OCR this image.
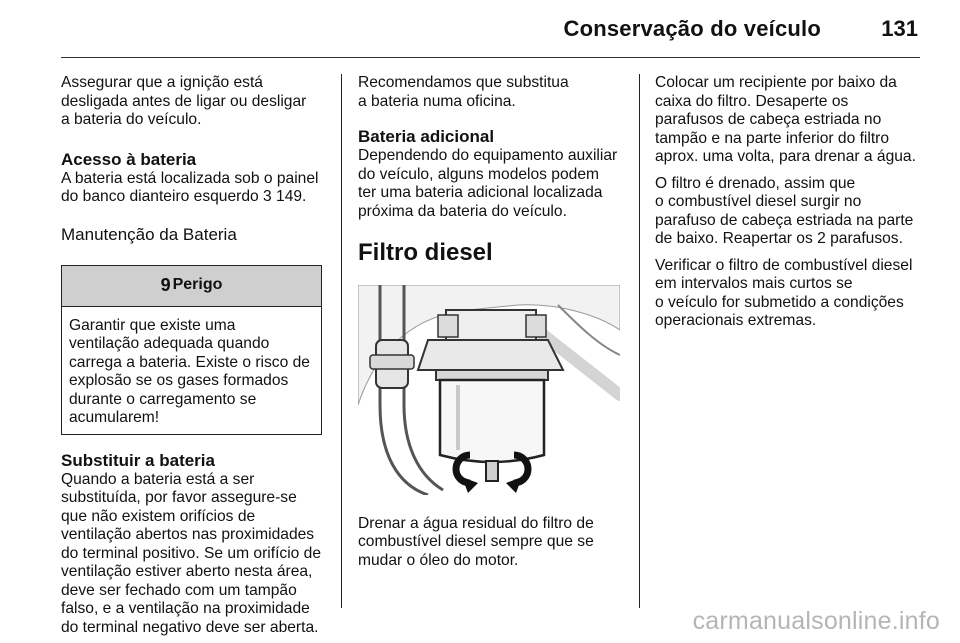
Conservação do veículo	131

Assegurar que a ignição está
desligada antes de ligar ou desligar
a bateria do veículo.

Acesso à bateria

A bateria está localizada sob o painel
do banco dianteiro esquerdo 3 149.

Manutenção da Bateria
9 Perigo

Garantir que existe uma
ventilação adequada quando
carrega a bateria. Existe o risco de
explosão se os gases formados
durante o carregamento se
acumularem!

Substituir a bateria

Quando a bateria está a ser
substituída, por favor assegure-se
que não existem orifícios de
ventilação abertos nas proximidades
do terminal positivo. Se um orifício de
ventilação estiver aberto nesta área,
deve ser fechado com um tampão
falso, e a ventilação na proximidade
do terminal negativo deve ser aberta.

Recomendamos que substitua
a bateria numa oficina.

Bateria adicional

Dependendo do equipamento auxiliar
do veículo, alguns modelos podem
ter uma bateria adicional localizada
próxima da bateria do veículo.

Filtro diesel

Drenar a água residual do filtro de
combustível diesel sempre que se
mudar o óleo do motor.

Colocar um recipiente por baixo da
caixa do filtro. Desaperte os
parafusos de cabeça estriada no
tampão e na parte inferior do filtro
aprox. uma volta, para drenar a água.

O filtro é drenado, assim que
o combustível diesel surgir no
parafuso de cabeça estriada na parte
de baixo. Reapertar os 2 parafusos.

Verificar o filtro de combustível diesel
em intervalos mais curtos se
o veículo for submetido a condições
operacionais extremas.

carmanualsonline.info
